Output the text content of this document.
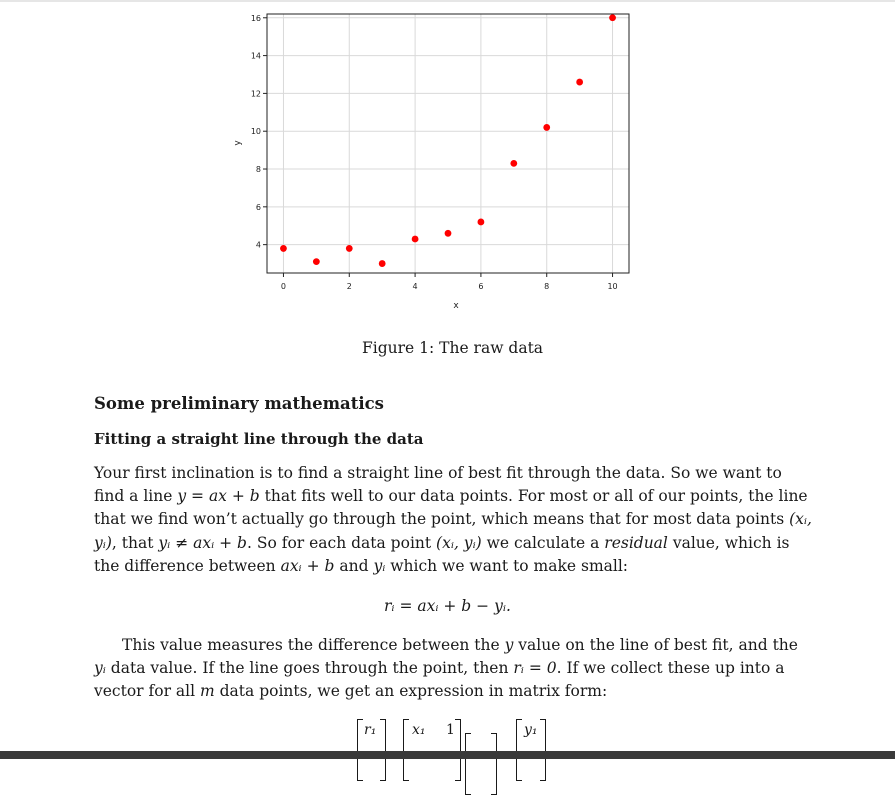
0	2	4	6	8	10
4
6
8
10
12
14
16
x
y
Figure 1: The raw data
Some preliminary mathematics
Fitting a straight line through the data

Your first inclination is to find a straight line of best fit through the data. So we want to find a line y = ax + b that fits well to our data points. For most or all of our points, the line that we find won’t actually go through the point, which means that for most data points (xᵢ, yᵢ), that yᵢ ≠ axᵢ + b. So for each data point (xᵢ, yᵢ) we calculate a residual value, which is the difference between axᵢ + b and yᵢ which we want to make small:

rᵢ = axᵢ + b − yᵢ.

This value measures the difference between the y value on the line of best fit, and the yᵢ data value. If the line goes through the point, then rᵢ = 0. If we collect these up into a vector for all m data points, we get an expression in matrix form:

r₁	x₁ 1	y₁
